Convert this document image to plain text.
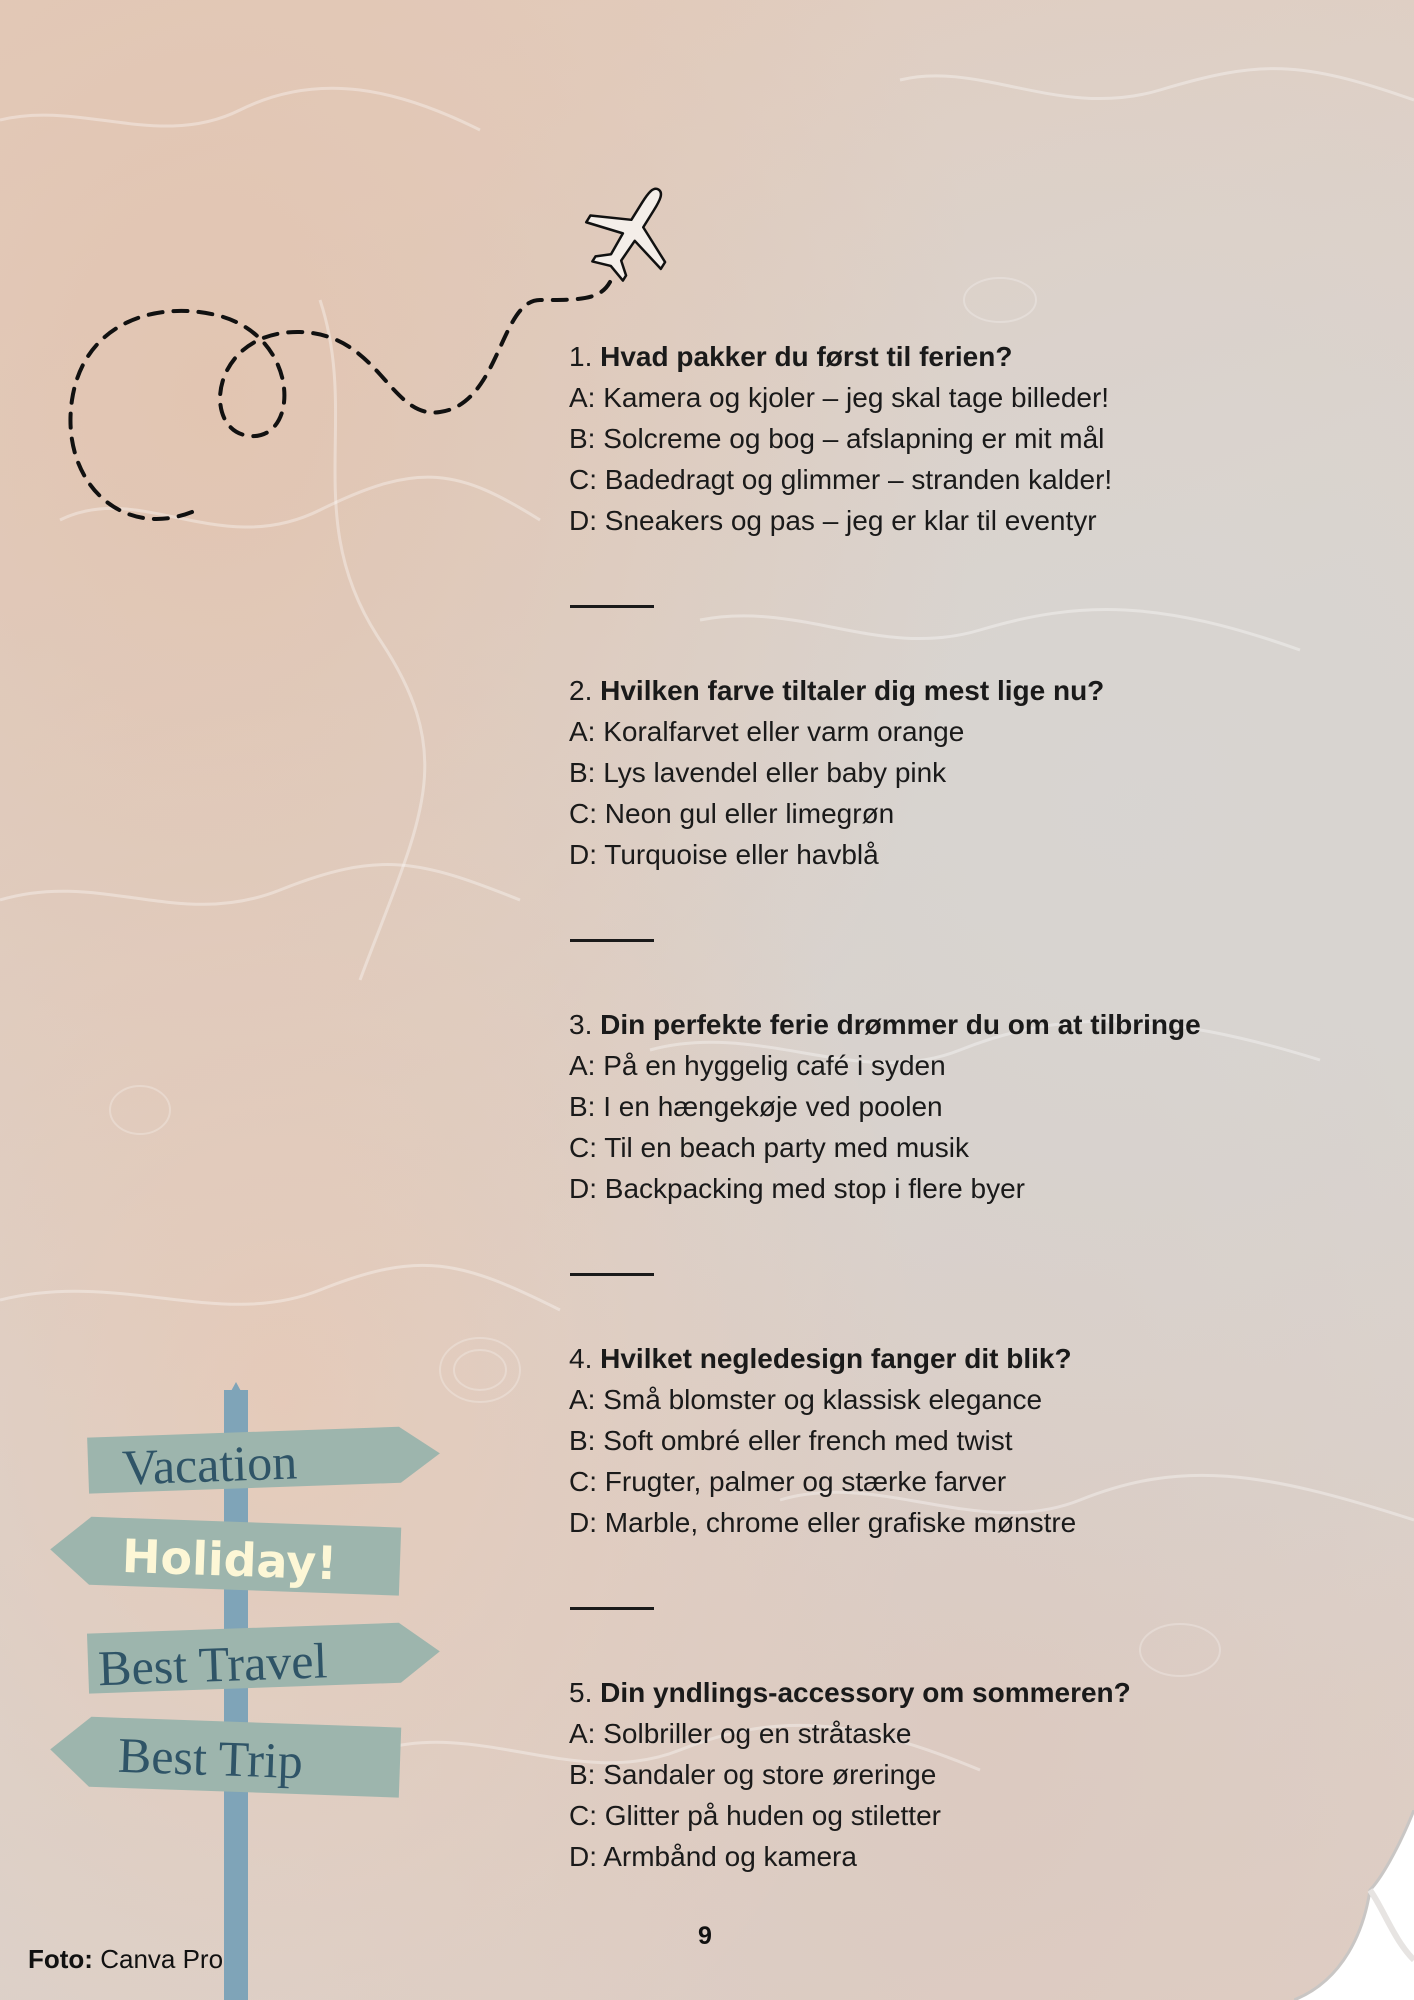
1. Hvad pakker du først til ferien?
A: Kamera og kjoler – jeg skal tage billeder!
B: Solcreme og bog – afslapning er mit mål
C: Badedragt og glimmer – stranden kalder!
D: Sneakers og pas – jeg er klar til eventyr
2. Hvilken farve tiltaler dig mest lige nu?
A: Koralfarvet eller varm orange
B: Lys lavendel eller baby pink
C: Neon gul eller limegrøn
D: Turquoise eller havblå
3. Din perfekte ferie drømmer du om at tilbringe
A: På en hyggelig café i syden
B: I en hængekøje ved poolen
C: Til en beach party med musik
D: Backpacking med stop i flere byer
4. Hvilket negledesign fanger dit blik?
A: Små blomster og klassisk elegance
B: Soft ombré eller french med twist
C: Frugter, palmer og stærke farver
D: Marble, chrome eller grafiske mønstre
5. Din yndlings-accessory om sommeren?
A: Solbriller og en stråtaske
B: Sandaler og store øreringe
C: Glitter på huden og stiletter
D: Armbånd og kamera
Vacation
Holiday!
Best Travel
Best Trip
Foto: Canva Pro
9
